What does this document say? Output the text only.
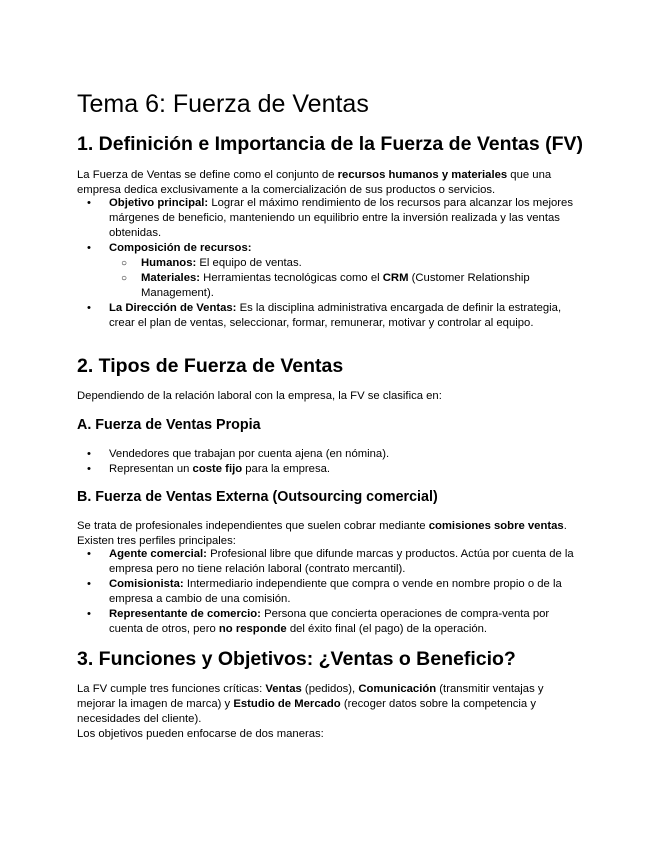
Tema 6: Fuerza de Ventas
1. Definición e Importancia de la Fuerza de Ventas (FV)
La Fuerza de Ventas se define como el conjunto de recursos humanos y materiales que una empresa dedica exclusivamente a la comercialización de sus productos o servicios.
• Objetivo principal: Lograr el máximo rendimiento de los recursos para alcanzar los mejores márgenes de beneficio, manteniendo un equilibrio entre la inversión realizada y las ventas obtenidas.
• Composición de recursos:
○ Humanos: El equipo de ventas.
○ Materiales: Herramientas tecnológicas como el CRM (Customer Relationship Management).
• La Dirección de Ventas: Es la disciplina administrativa encargada de definir la estrategia, crear el plan de ventas, seleccionar, formar, remunerar, motivar y controlar al equipo.
2. Tipos de Fuerza de Ventas
Dependiendo de la relación laboral con la empresa, la FV se clasifica en:
A. Fuerza de Ventas Propia
• Vendedores que trabajan por cuenta ajena (en nómina).
• Representan un coste fijo para la empresa.
B. Fuerza de Ventas Externa (Outsourcing comercial)
Se trata de profesionales independientes que suelen cobrar mediante comisiones sobre ventas. Existen tres perfiles principales:
• Agente comercial: Profesional libre que difunde marcas y productos. Actúa por cuenta de la empresa pero no tiene relación laboral (contrato mercantil).
• Comisionista: Intermediario independiente que compra o vende en nombre propio o de la empresa a cambio de una comisión.
• Representante de comercio: Persona que concierta operaciones de compra-venta por cuenta de otros, pero no responde del éxito final (el pago) de la operación.
3. Funciones y Objetivos: ¿Ventas o Beneficio?
La FV cumple tres funciones críticas: Ventas (pedidos), Comunicación (transmitir ventajas y mejorar la imagen de marca) y Estudio de Mercado (recoger datos sobre la competencia y necesidades del cliente).
Los objetivos pueden enfocarse de dos maneras:
